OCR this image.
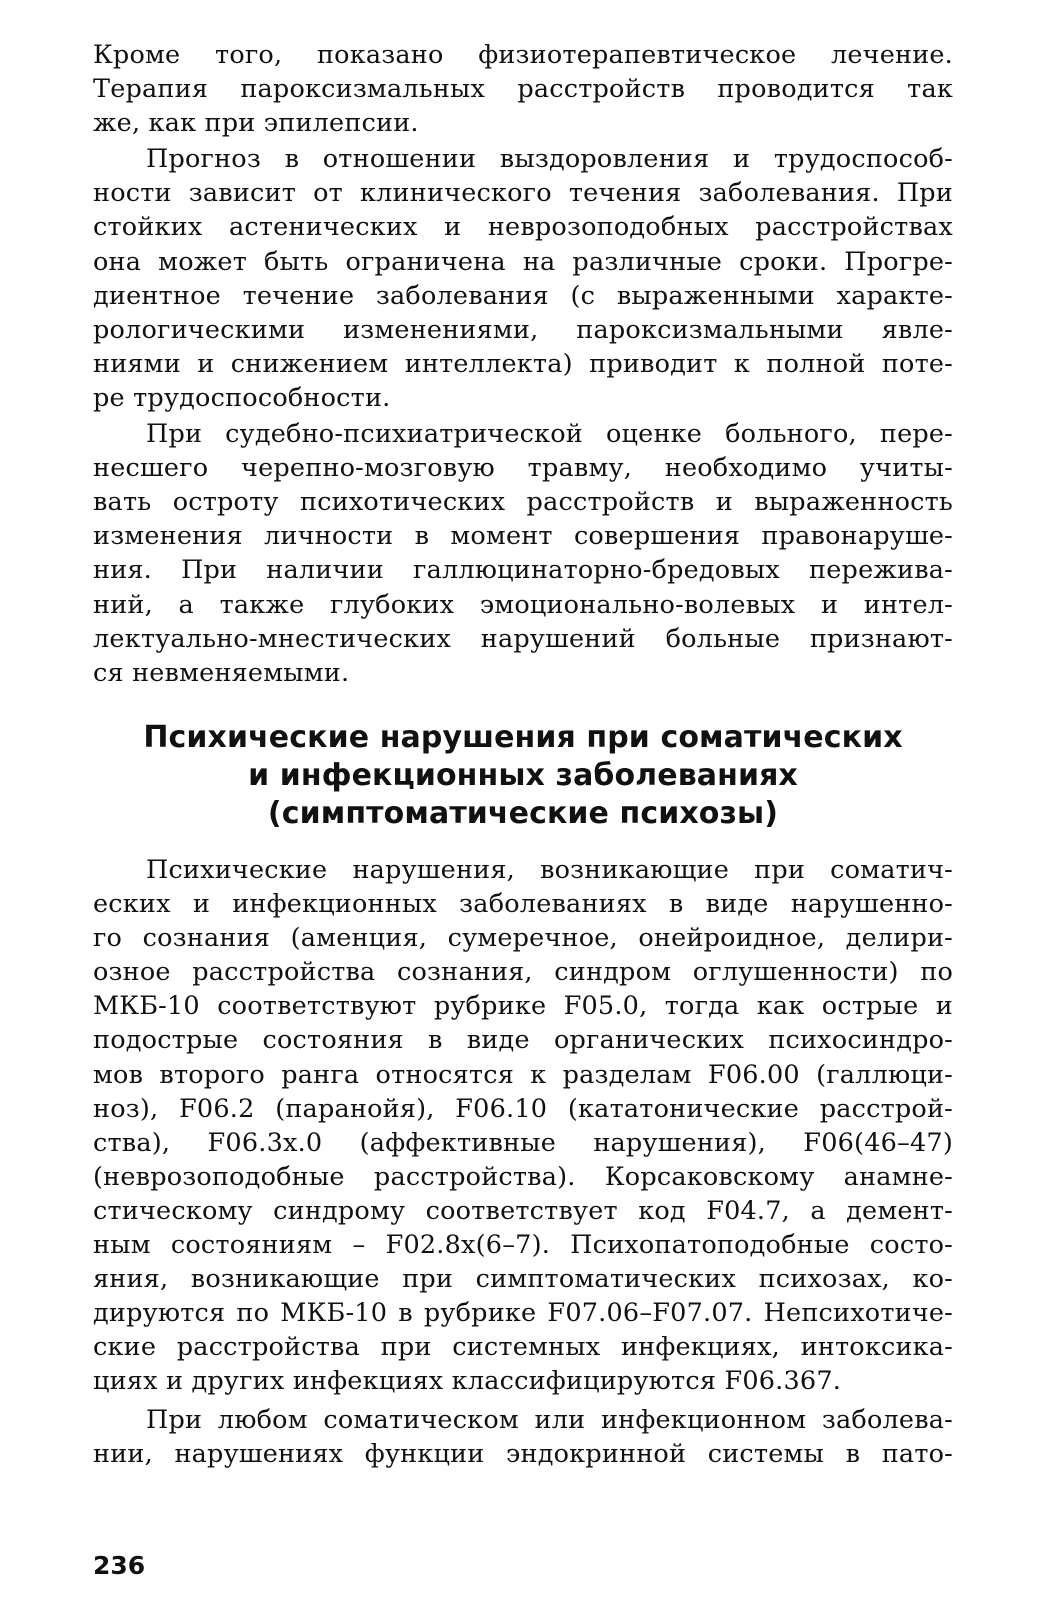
Кроме того, показано физиотерапевтическое лечение.
Терапия пароксизмальных расстройств проводится так
же, как при эпилепсии.
Прогноз в отношении выздоровления и трудоспособ-
ности зависит от клинического течения заболевания. При
стойких астенических и неврозоподобных расстройствах
она может быть ограничена на различные сроки. Прогре-
диентное течение заболевания (с выраженными характе-
рологическими изменениями, пароксизмальными явле-
ниями и снижением интеллекта) приводит к полной поте-
ре трудоспособности.
При судебно-психиатрической оценке больного, пере-
несшего черепно-мозговую травму, необходимо учиты-
вать остроту психотических расстройств и выраженность
изменения личности в момент совершения правонаруше-
ния. При наличии галлюцинаторно-бредовых пережива-
ний, а также глубоких эмоционально-волевых и интел-
лектуально-мнестических нарушений больные признают-
ся невменяемыми.
Психические нарушения при соматических
и инфекционных заболеваниях
(симптоматические психозы)
Психические нарушения, возникающие при соматич-
еских и инфекционных заболеваниях в виде нарушенно-
го сознания (аменция, сумеречное, онейроидное, делири-
озное расстройства сознания, синдром оглушенности) по
МКБ-10 соответствуют рубрике F05.0, тогда как острые и
подострые состояния в виде органических психосиндро-
мов второго ранга относятся к разделам F06.00 (галлюци-
ноз), F06.2 (паранойя), F06.10 (кататонические расстрой-
ства), F06.3x.0 (аффективные нарушения), F06(46–47)
(неврозоподобные расстройства). Корсаковскому анамне-
стическому синдрому соответствует код F04.7, а демент-
ным состояниям – F02.8x(6–7). Психопатоподобные состо-
яния, возникающие при симптоматических психозах, ко-
дируются по МКБ-10 в рубрике F07.06–F07.07. Непсихотиче-
ские расстройства при системных инфекциях, интоксика-
циях и других инфекциях классифицируются F06.367.
При любом соматическом или инфекционном заболева-
нии, нарушениях функции эндокринной системы в пато-
236
